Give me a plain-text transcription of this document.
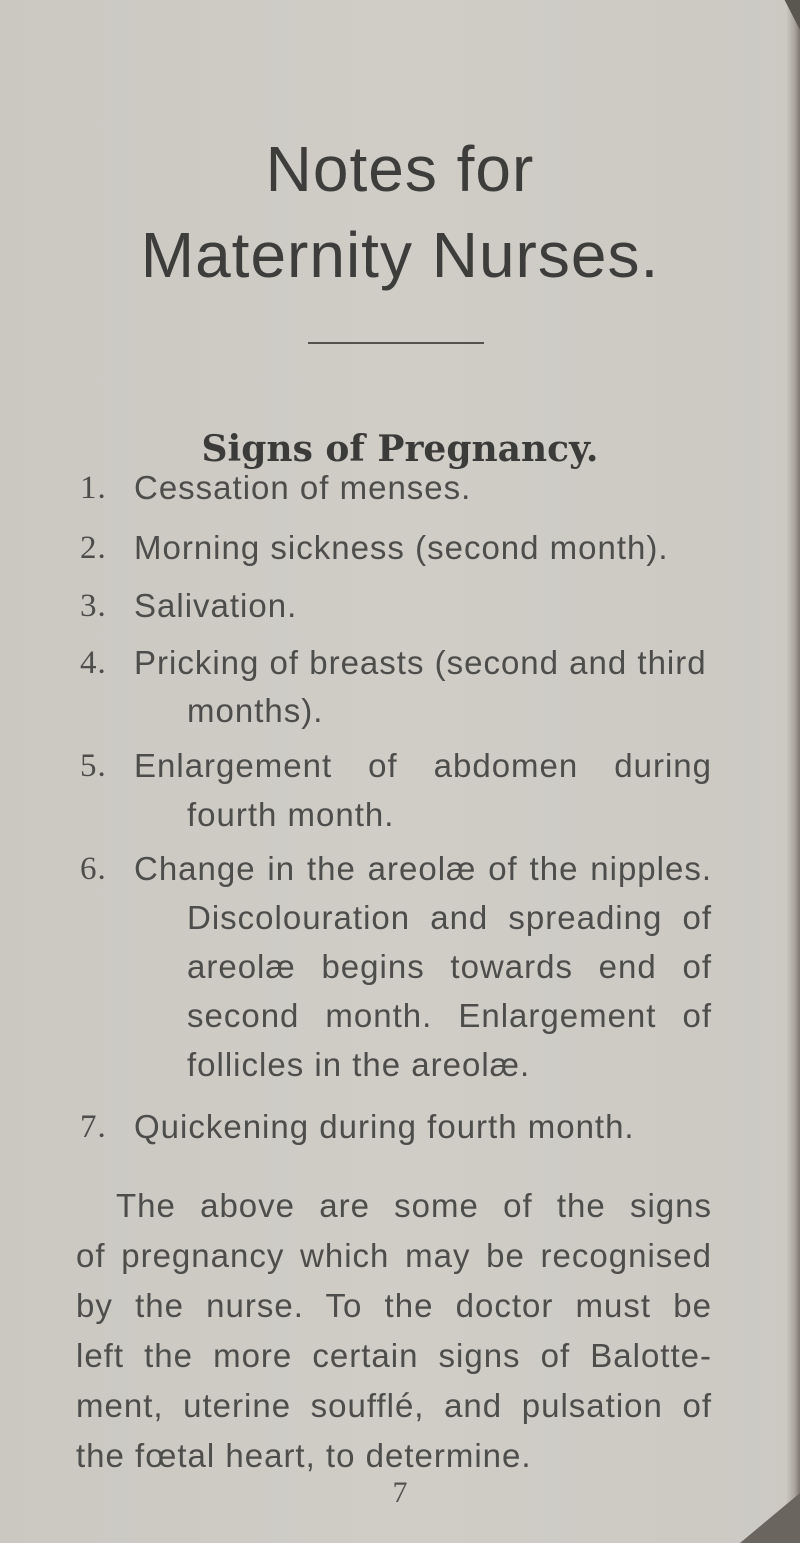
Notes for
Maternity Nurses.
Signs of Pregnancy.
1. Cessation of menses.
2. Morning sickness (second month).
3. Salivation.
4. Pricking of breasts (second and third
months).
5. Enlargement of abdomen during
fourth month.
6. Change in the areolæ of the nipples.
Discolouration and spreading of
areolæ begins towards end of
second month. Enlargement of
follicles in the areolæ.
7. Quickening during fourth month.
The above are some of the signs
of pregnancy which may be recognised
by the nurse. To the doctor must be
left the more certain signs of Balotte-
ment, uterine soufflé, and pulsation of
the fœtal heart, to determine.
7
